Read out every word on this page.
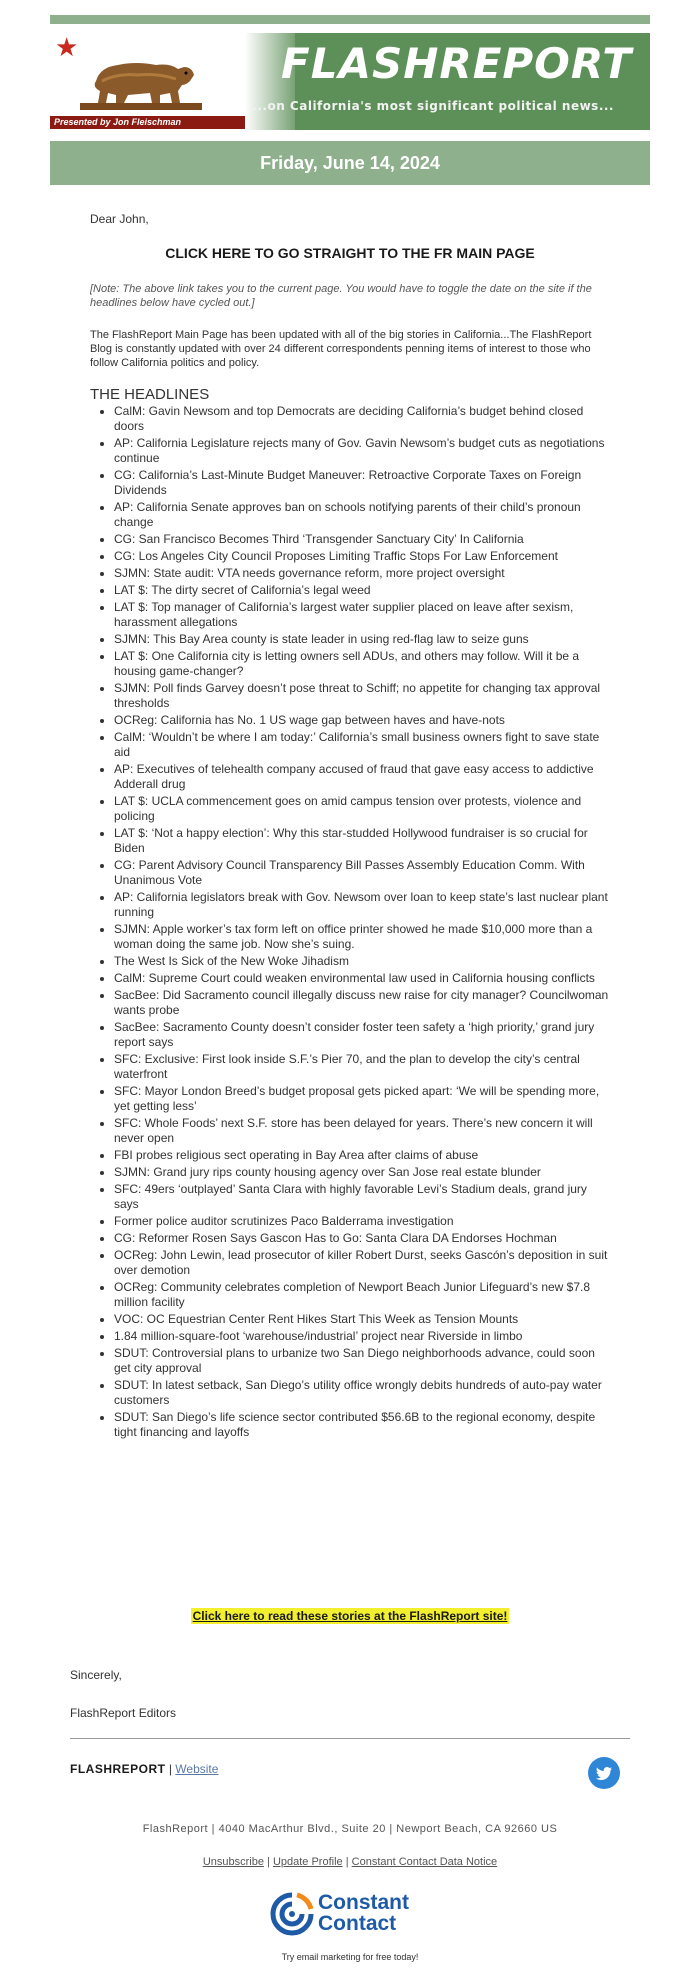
★	FLASHREPORT
...on California's most significant political news...
Presented by Jon Fleischman
Friday, June 14, 2024

Dear John,

CLICK HERE TO GO STRAIGHT TO THE FR MAIN PAGE
[Note: The above link takes you to the current page. You would have to toggle the date on the site if the headlines below have cycled out.]
The FlashReport Main Page has been updated with all of the big stories in California...The FlashReport Blog is constantly updated with over 24 different correspondents penning items of interest to those who follow California politics and policy.
THE HEADLINES
• CalM: Gavin Newsom and top Democrats are deciding California’s budget behind closed doors
• AP: California Legislature rejects many of Gov. Gavin Newsom’s budget cuts as negotiations continue
• CG: California’s Last-Minute Budget Maneuver: Retroactive Corporate Taxes on Foreign Dividends
• AP: California Senate approves ban on schools notifying parents of their child’s pronoun change
• CG: San Francisco Becomes Third ‘Transgender Sanctuary City’ In California
• CG: Los Angeles City Council Proposes Limiting Traffic Stops For Law Enforcement
• SJMN: State audit: VTA needs governance reform, more project oversight
• LAT $: The dirty secret of California’s legal weed
• LAT $: Top manager of California’s largest water supplier placed on leave after sexism, harassment allegations
• SJMN: This Bay Area county is state leader in using red-flag law to seize guns
• LAT $: One California city is letting owners sell ADUs, and others may follow. Will it be a housing game-changer?
• SJMN: Poll finds Garvey doesn’t pose threat to Schiff; no appetite for changing tax approval thresholds
• OCReg: California has No. 1 US wage gap between haves and have-nots
• CalM: ‘Wouldn’t be where I am today:’ California’s small business owners fight to save state aid
• AP: Executives of telehealth company accused of fraud that gave easy access to addictive Adderall drug
• LAT $: UCLA commencement goes on amid campus tension over protests, violence and policing
• LAT $: ‘Not a happy election’: Why this star-studded Hollywood fundraiser is so crucial for Biden
• CG: Parent Advisory Council Transparency Bill Passes Assembly Education Comm. With Unanimous Vote
• AP: California legislators break with Gov. Newsom over loan to keep state’s last nuclear plant running
• SJMN: Apple worker’s tax form left on office printer showed he made $10,000 more than a woman doing the same job. Now she’s suing.
• The West Is Sick of the New Woke Jihadism
• CalM: Supreme Court could weaken environmental law used in California housing conflicts
• SacBee: Did Sacramento council illegally discuss new raise for city manager? Councilwoman wants probe
• SacBee: Sacramento County doesn’t consider foster teen safety a ‘high priority,’ grand jury report says
• SFC: Exclusive: First look inside S.F.’s Pier 70, and the plan to develop the city’s central waterfront
• SFC: Mayor London Breed’s budget proposal gets picked apart: ‘We will be spending more, yet getting less’
• SFC: Whole Foods’ next S.F. store has been delayed for years. There’s new concern it will never open
• FBI probes religious sect operating in Bay Area after claims of abuse
• SJMN: Grand jury rips county housing agency over San Jose real estate blunder
• SFC: 49ers ‘outplayed’ Santa Clara with highly favorable Levi’s Stadium deals, grand jury says
• Former police auditor scrutinizes Paco Balderrama investigation
• CG: Reformer Rosen Says Gascon Has to Go: Santa Clara DA Endorses Hochman
• OCReg: John Lewin, lead prosecutor of killer Robert Durst, seeks Gascón’s deposition in suit over demotion
• OCReg: Community celebrates completion of Newport Beach Junior Lifeguard’s new $7.8 million facility
• VOC: OC Equestrian Center Rent Hikes Start This Week as Tension Mounts
• 1.84 million-square-foot ‘warehouse/industrial’ project near Riverside in limbo
• SDUT: Controversial plans to urbanize two San Diego neighborhoods advance, could soon get city approval
• SDUT: In latest setback, San Diego’s utility office wrongly debits hundreds of auto-pay water customers
• SDUT: San Diego’s life science sector contributed $56.6B to the regional economy, despite tight financing and layoffs
Click here to read these stories at the FlashReport site!
Sincerely,
FlashReport Editors
FLASHREPORT | Website
FlashReport | 4040 MacArthur Blvd., Suite 20 | Newport Beach, CA 92660 US
Unsubscribe | Update Profile | Constant Contact Data Notice
Constant
Contact
Try email marketing for free today!
